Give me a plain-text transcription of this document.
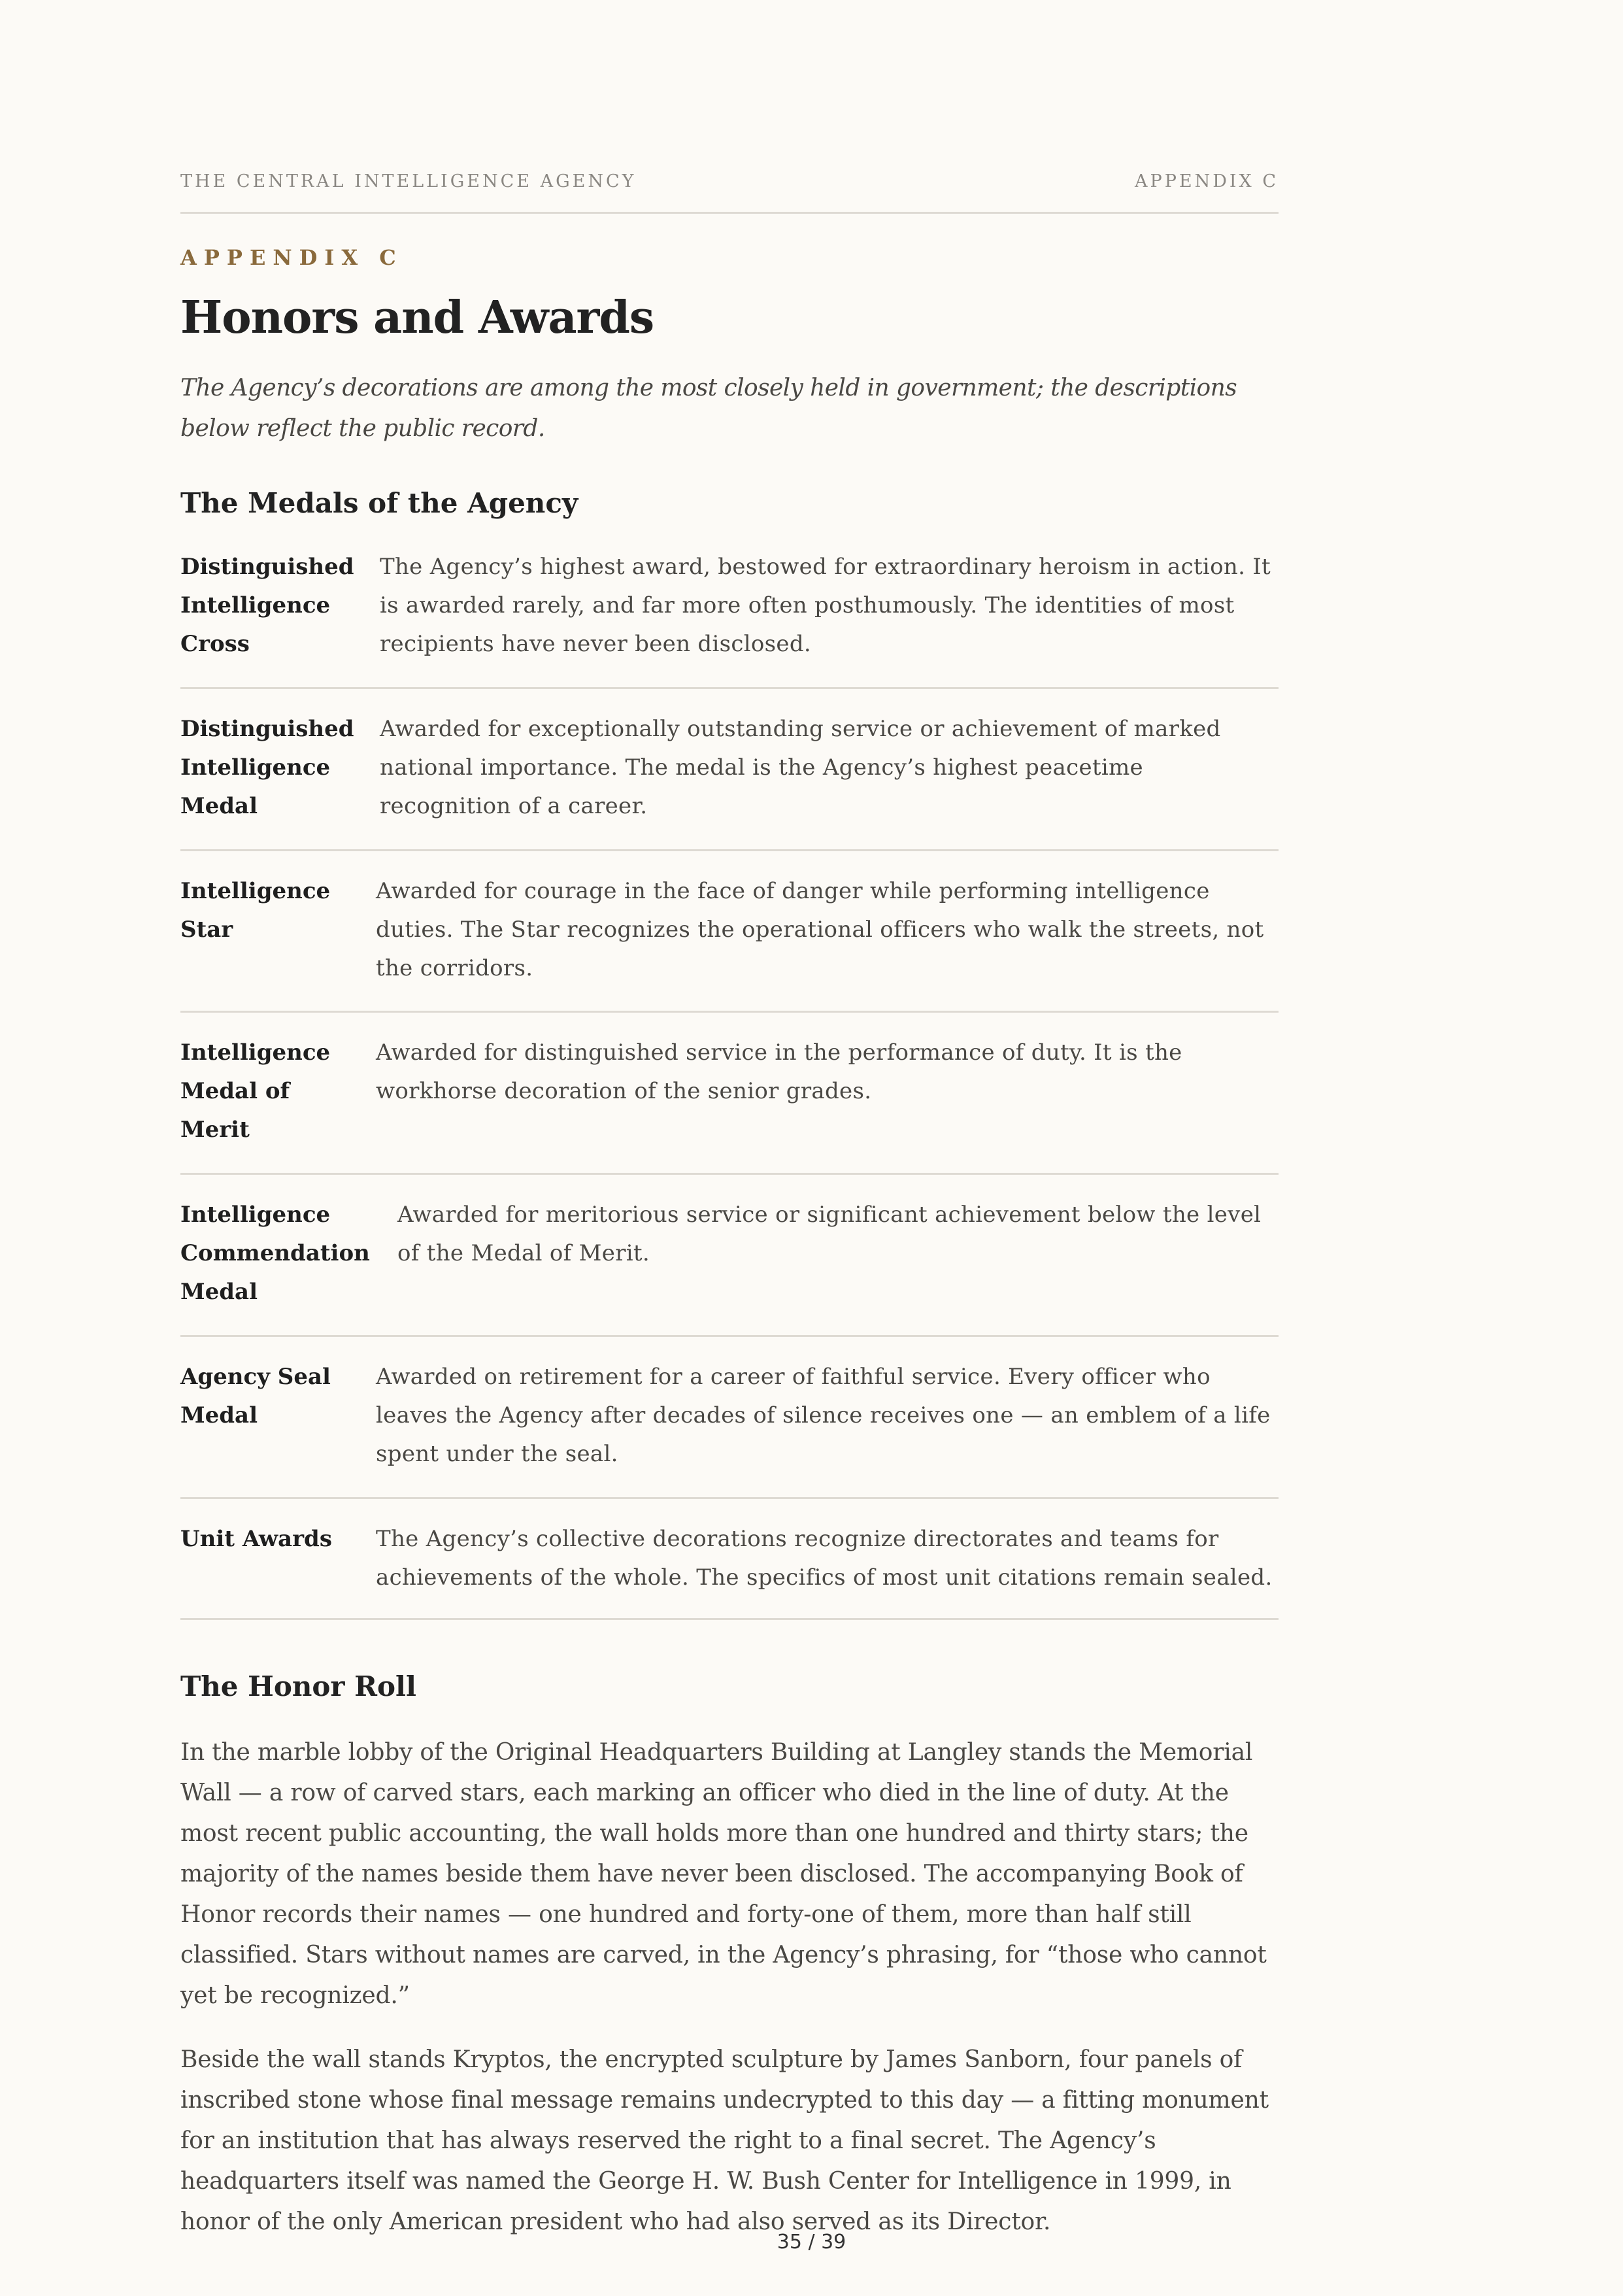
THE CENTRAL INTELLIGENCE AGENCY	APPENDIX C
APPENDIX C
Honors and Awards

The Agency’s decorations are among the most closely held in government; the descriptions below reflect the public record.

The Medals of the Agency
Distinguished Intelligence Cross
The Agency’s highest award, bestowed for extraordinary heroism in action. It is awarded rarely, and far more often posthumously. The identities of most recipients have never been disclosed.
Distinguished Intelligence Medal
Awarded for exceptionally outstanding service or achievement of marked national importance. The medal is the Agency’s highest peacetime recognition of a career.
Intelligence Star
Awarded for courage in the face of danger while performing intelligence duties. The Star recognizes the operational officers who walk the streets, not the corridors.
Intelligence Medal of Merit
Awarded for distinguished service in the performance of duty. It is the workhorse decoration of the senior grades.
Intelligence Commendation Medal
Awarded for meritorious service or significant achievement below the level of the Medal of Merit.
Agency Seal Medal
Awarded on retirement for a career of faithful service. Every officer who leaves the Agency after decades of silence receives one — an emblem of a life spent under the seal.
Unit Awards	The Agency’s collective decorations recognize directorates and teams for achievements of the whole. The specifics of most unit citations remain sealed.
The Honor Roll

In the marble lobby of the Original Headquarters Building at Langley stands the Memorial Wall — a row of carved stars, each marking an officer who died in the line of duty. At the most recent public accounting, the wall holds more than one hundred and thirty stars; the majority of the names beside them have never been disclosed. The accompanying Book of Honor records their names — one hundred and forty-one of them, more than half still classified. Stars without names are carved, in the Agency’s phrasing, for “those who cannot yet be recognized.”

Beside the wall stands Kryptos, the encrypted sculpture by James Sanborn, four panels of inscribed stone whose final message remains undecrypted to this day — a fitting monument for an institution that has always reserved the right to a final secret. The Agency’s headquarters itself was named the George H. W. Bush Center for Intelligence in 1999, in honor of the only American president who had also served as its Director.

35 / 39
